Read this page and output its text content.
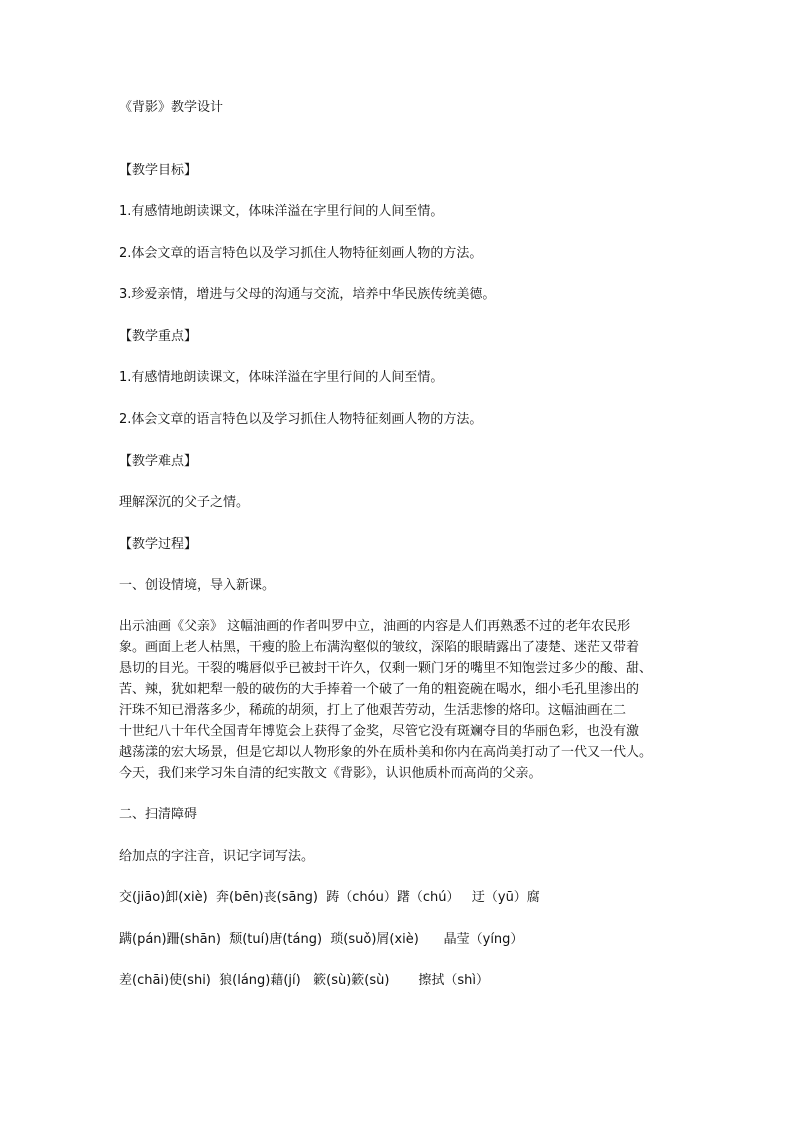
《背影》教学设计
【教学目标】
1.有感情地朗读课文，体味洋溢在字里行间的人间至情。
2.体会文章的语言特色以及学习抓住人物特征刻画人物的方法。
3.珍爱亲情，增进与父母的沟通与交流，培养中华民族传统美德。
【教学重点】
1.有感情地朗读课文，体味洋溢在字里行间的人间至情。
2.体会文章的语言特色以及学习抓住人物特征刻画人物的方法。
【教学难点】
理解深沉的父子之情。
【教学过程】
一、创设情境，导入新课。
出示油画《父亲》 这幅油画的作者叫罗中立，油画的内容是人们再熟悉不过的老年农民形
象。画面上老人枯黑，干瘦的脸上布满沟壑似的皱纹，深陷的眼睛露出了凄楚、迷茫又带着
恳切的目光。干裂的嘴唇似乎已被封干许久，仅剩一颗门牙的嘴里不知饱尝过多少的酸、甜、
苦、辣，犹如耙犁一般的破伤的大手捧着一个破了一角的粗瓷碗在喝水，细小毛孔里渗出的
汗珠不知已滑落多少，稀疏的胡须，打上了他艰苦劳动，生活悲惨的烙印。这幅油画在二
十世纪八十年代全国青年博览会上获得了金奖，尽管它没有斑斓夺目的华丽色彩，也没有激
越荡漾的宏大场景，但是它却以人物形象的外在质朴美和你内在高尚美打动了一代又一代人。
今天，我们来学习朱自清的纪实散文《背影》，认识他质朴而高尚的父亲。
二、扫清障碍
给加点的字注音，识记字词写法。
交(jiāo)卸(xiè)  奔(bēn)丧(sāng)  踌（chóu）躇（chú）   迂（yū）腐
蹒(pán)跚(shān)  颓(tuí)唐(táng)  琐(suǒ)屑(xiè)      晶莹（yíng）
差(chāi)使(shi)  狼(láng)藉(jí)   簌(sù)簌(sù)       擦拭（shì）
